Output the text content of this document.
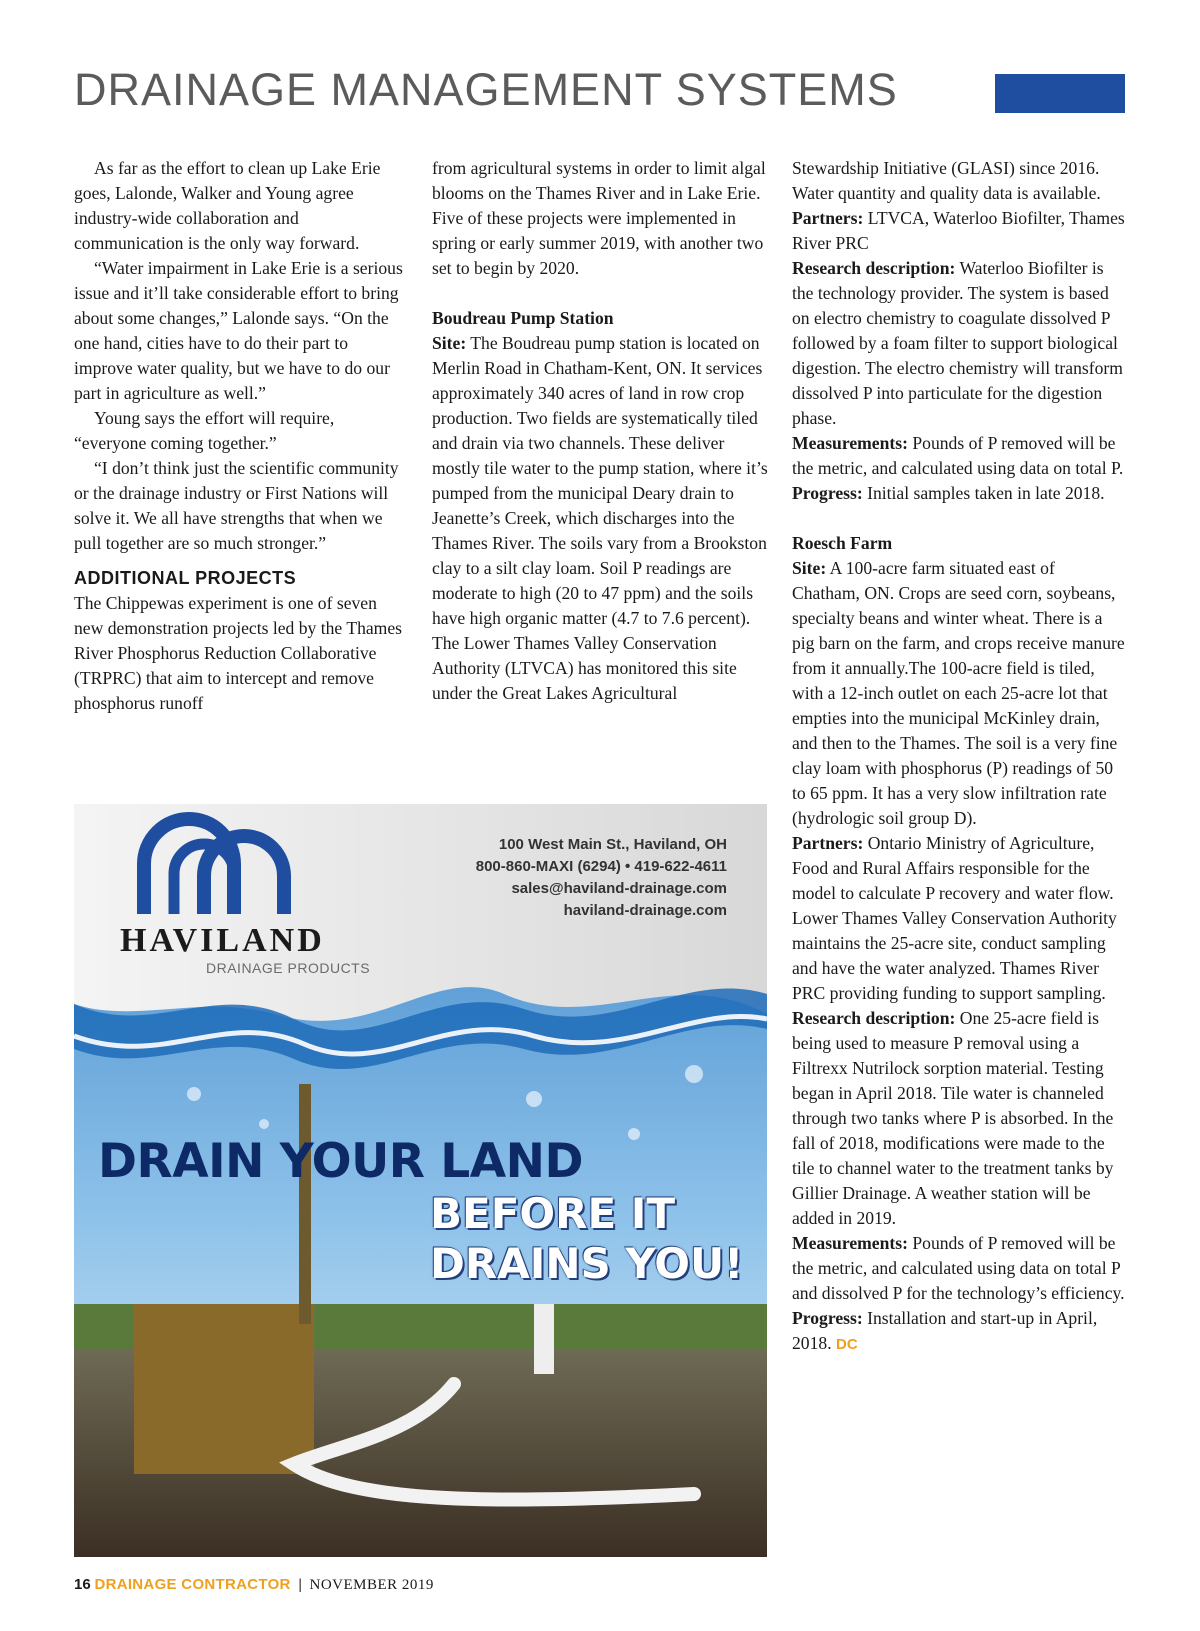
DRAINAGE MANAGEMENT SYSTEMS

As far as the effort to clean up Lake Erie goes, Lalonde, Walker and Young agree industry-wide collaboration and communication is the only way forward.

“Water impairment in Lake Erie is a serious issue and it’ll take considerable effort to bring about some changes,” Lalonde says. “On the one hand, cities have to do their part to improve water quality, but we have to do our part in agriculture as well.”

Young says the effort will require, “everyone coming together.”

“I don’t think just the scientific community or the drainage industry or First Nations will solve it. We all have strengths that when we pull together are so much stronger.”

ADDITIONAL PROJECTS

The Chippewas experiment is one of seven new demonstration projects led by the Thames River Phosphorus Reduction Collaborative (TRPRC) that aim to intercept and remove phosphorus runoff

from agricultural systems in order to limit algal blooms on the Thames River and in Lake Erie. Five of these projects were implemented in spring or early summer 2019, with another two set to begin by 2020.

Boudreau Pump Station

Site: The Boudreau pump station is located on Merlin Road in Chatham-Kent, ON. It services approximately 340 acres of land in row crop production. Two fields are systematically tiled and drain via two channels. These deliver mostly tile water to the pump station, where it’s pumped from the municipal Deary drain to Jeanette’s Creek, which discharges into the Thames River. The soils vary from a Brookston clay to a silt clay loam. Soil P readings are moderate to high (20 to 47 ppm) and the soils have high organic matter (4.7 to 7.6 percent). The Lower Thames Valley Conservation Authority (LTVCA) has monitored this site under the Great Lakes Agricultural

Stewardship Initiative (GLASI) since 2016. Water quantity and quality data is available.

Partners: LTVCA, Waterloo Biofilter, Thames River PRC

Research description: Waterloo Biofilter is the technology provider. The system is based on electro chemistry to coagulate dissolved P followed by a foam filter to support biological digestion. The electro chemistry will transform dissolved P into particulate for the digestion phase.

Measurements: Pounds of P removed will be the metric, and calculated using data on total P.

Progress: Initial samples taken in late 2018.

Roesch Farm

Site: A 100-acre farm situated east of Chatham, ON. Crops are seed corn, soybeans, specialty beans and winter wheat. There is a pig barn on the farm, and crops receive manure from it annually.The 100-acre field is tiled, with a 12-inch outlet on each 25-acre lot that empties into the municipal McKinley drain, and then to the Thames. The soil is a very fine clay loam with phosphorus (P) readings of 50 to 65 ppm. It has a very slow infiltration rate (hydrologic soil group D).

Partners: Ontario Ministry of Agriculture, Food and Rural Affairs responsible for the model to calculate P recovery and water flow. Lower Thames Valley Conservation Authority maintains the 25-acre site, conduct sampling and have the water analyzed. Thames River PRC providing funding to support sampling.

Research description: One 25-acre field is being used to measure P removal using a Filtrexx Nutrilock sorption material. Testing began in April 2018. Tile water is channeled through two tanks where P is absorbed. In the fall of 2018, modifications were made to the tile to channel water to the treatment tanks by Gillier Drainage. A weather station will be added in 2019.

Measurements: Pounds of P removed will be the metric, and calculated using data on total P and dissolved P for the technology’s efficiency.

Progress: Installation and start-up in April, 2018. DC

100 West Main St., Haviland, OH
800-860-MAXI (6294) • 419-622-4611
sales@haviland-drainage.com
haviland-drainage.com
HAVILAND
DRAINAGE PRODUCTS
DRAIN YOUR LAND
BEFORE IT
DRAINS YOU!
16 DRAINAGE CONTRACTOR | NOVEMBER 2019
